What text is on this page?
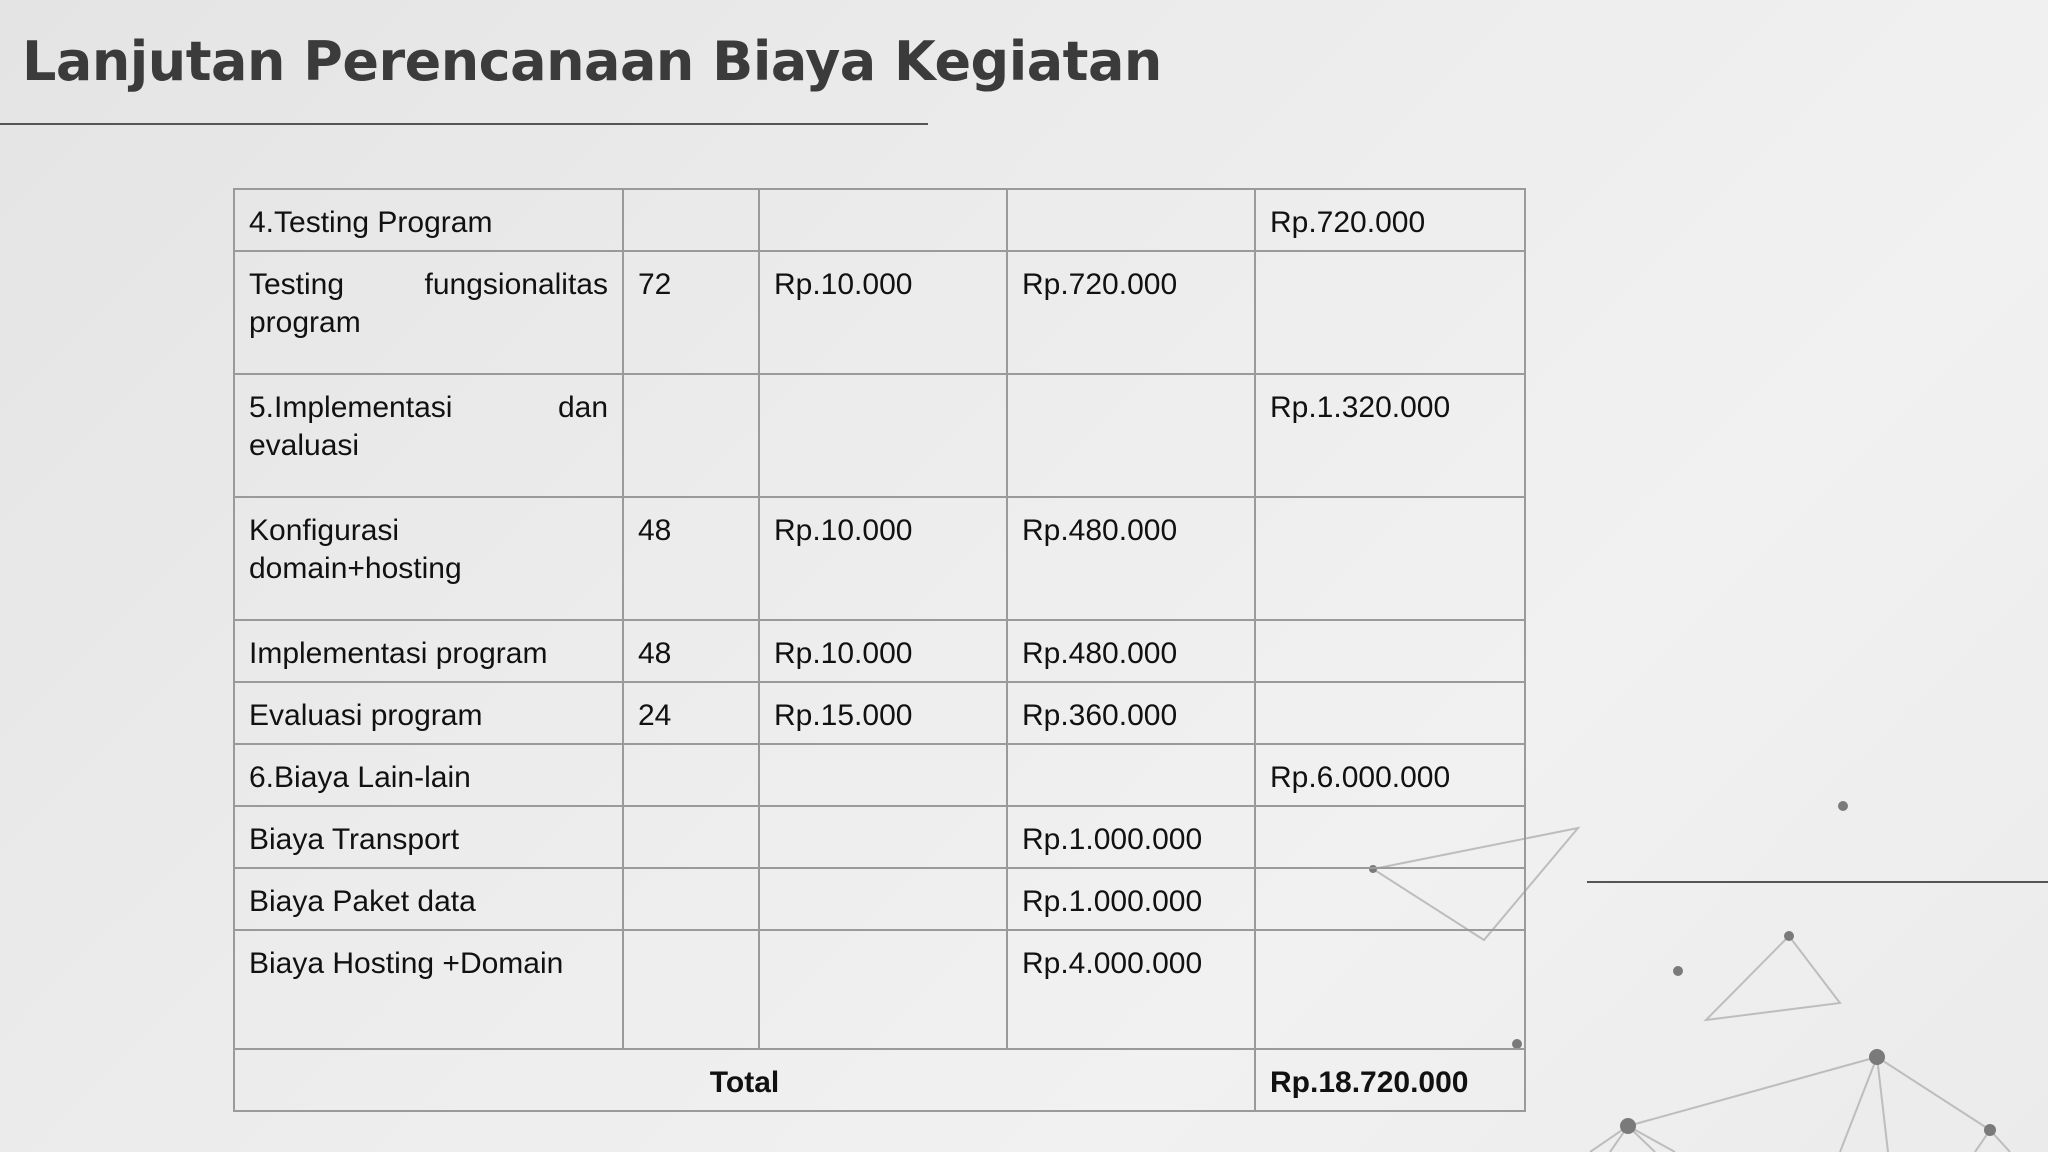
Lanjutan Perencanaan Biaya Kegiatan
4.Testing Program				Rp.720.000
Testing fungsionalitas program	72	Rp.10.000	Rp.720.000	
5.Implementasi dan evaluasi				Rp.1.320.000
Konfigurasi domain+hosting	48	Rp.10.000	Rp.480.000	
Implementasi program	48	Rp.10.000	Rp.480.000	
Evaluasi program	24	Rp.15.000	Rp.360.000	
6.Biaya Lain-lain				Rp.6.000.000
Biaya Transport			Rp.1.000.000	
Biaya Paket data			Rp.1.000.000	
Biaya Hosting +Domain			Rp.4.000.000	
Total				Rp.18.720.000
